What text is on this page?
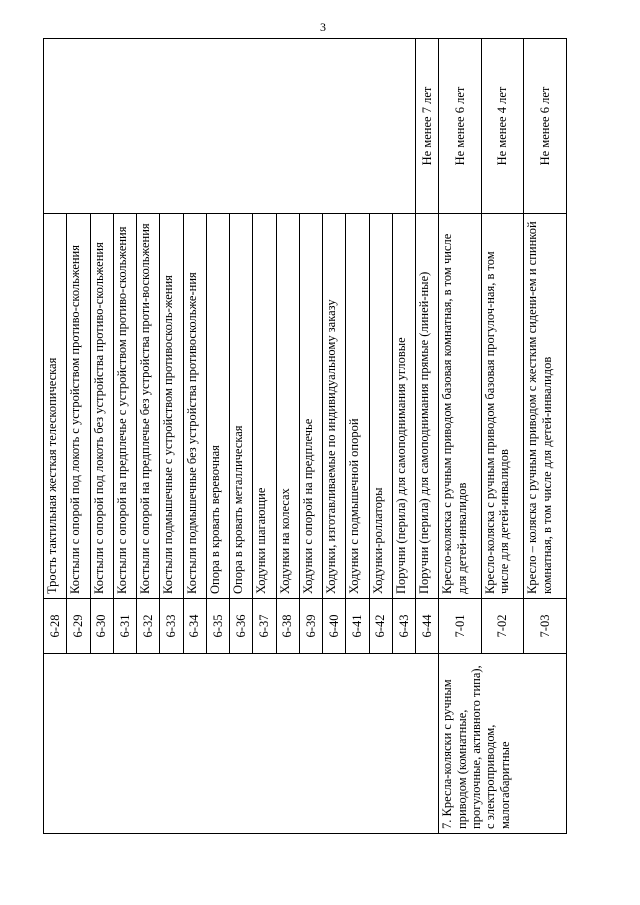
3
	6-28	Трость тактильная жесткая телескопическая	
	6-29	Костыли с опорой под локоть с устройством противо-скольжения	
	6-30	Костыли с опорой под локоть без устройства противо-скольжения	
	6-31	Костыли с опорой на предплечье с устройством противо-скольжения	
	6-32	Костыли с опорой на предплечье без устройства проти-воскольжения	
	6-33	Костыли подмышечные с устройством противосколь-жения	
	6-34	Костыли подмышечные без устройства противоскольже-ния	
	6-35	Опора в кровать веревочная	
	6-36	Опора в кровать металлическая	
	6-37	Ходунки шагающие	
	6-38	Ходунки на колесах	
	6-39	Ходунки с опорой на предплечье	
	6-40	Ходунки, изготавливаемые по индивидуальному заказу	
	6-41	Ходунки с подмышечной опорой	
	6-42	Ходунки-роллаторы	
	6-43	Поручни (перила) для самоподнимания угловые	
	6-44	Поручни (перила) для самоподнимания прямые (линей-ные)	Не менее 7 лет
7. Кресла-коляски с ручным приводом (комнатные, прогулочные, активного типа), с электроприводом, малогабаритные	7-01	Кресло-коляска с ручным приводом базовая комнатная, в том числе для детей-инвалидов	Не менее 6 лет
	7-02	Кресло-коляска с ручным приводом базовая прогулоч-ная, в том числе для детей-инвалидов	Не менее 4 лет
	7-03	Кресло – коляска с ручным приводом с жестким сидени-ем и спинкой комнатная, в том числе для детей-инвалидов	Не менее 6 лет
